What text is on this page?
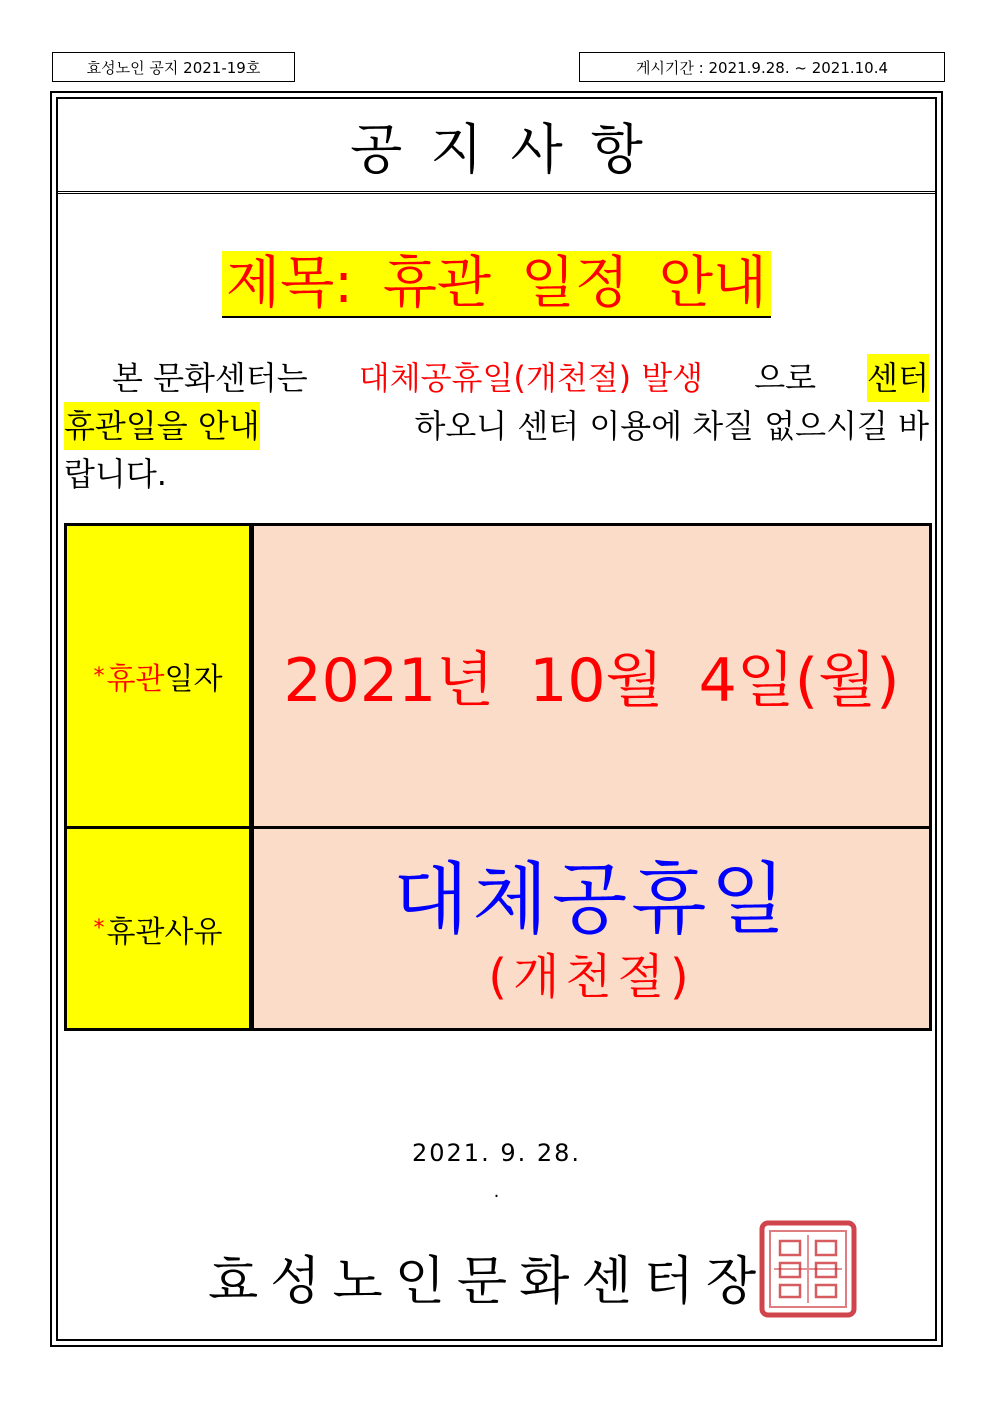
효성노인 공지 2021-19호	게시기간 : 2021.9.28. ~ 2021.10.4
공지사항
제목: 휴관 일정 안내
본 문화센터는 대체공휴일(개천절) 발생 으로 센터
휴관일을 안내	하오니 센터 이용에 차질 없으시길 바
랍니다.
* 휴관 일자 2021년 10월 4일(월)
* 휴관사유 대체공휴일
(개천절)
2021. 9. 28.
.
효성노인문화센터장
